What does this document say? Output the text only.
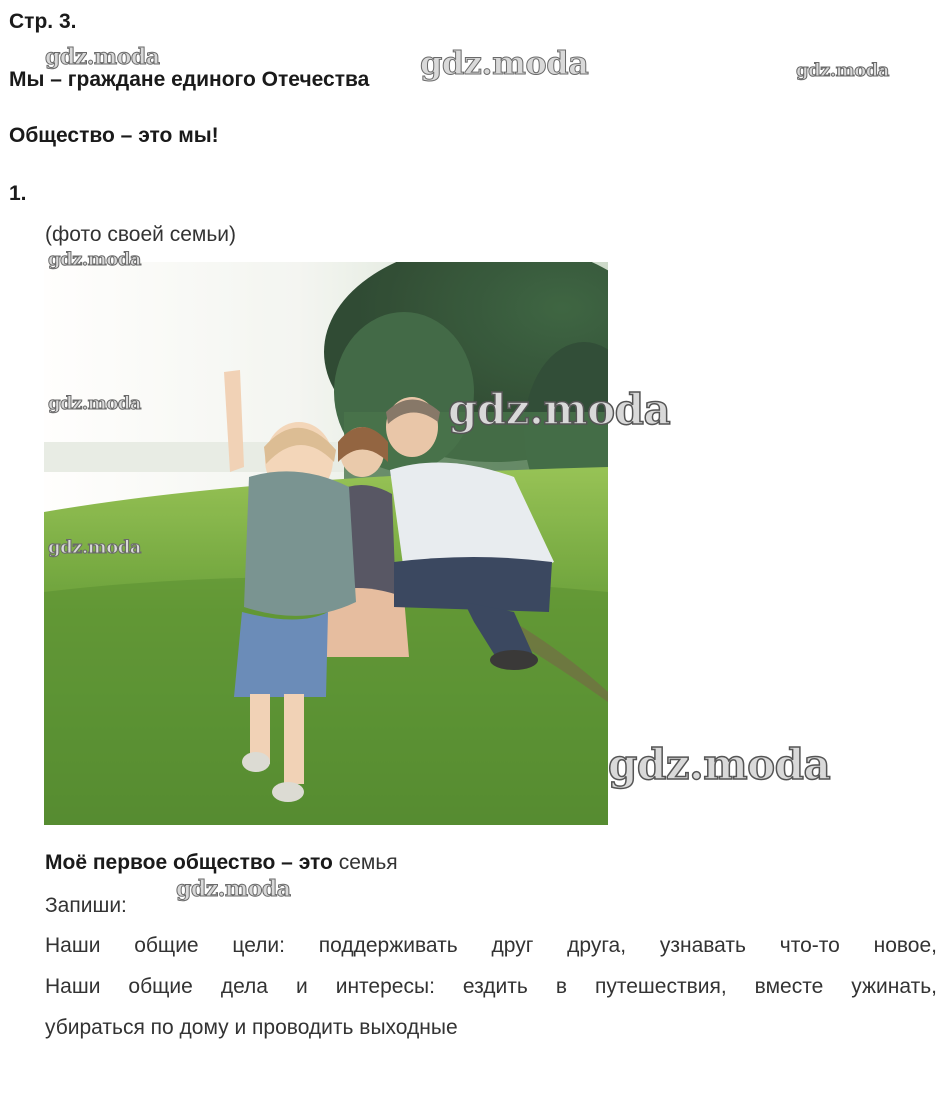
Стр. 3.
Мы – граждане единого Отечества
Общество – это мы!
1.
(фото своей семьи)
Моё первое общество – это семья
Запиши:
Наши общие цели: поддерживать друг друга, узнавать что-то новое,
Наши общие дела и интересы: ездить в путешествия, вместе ужинать,
убираться по дому и проводить выходные
gdz.moda	gdz.moda	gdz.moda
gdz.moda
gdz.moda	gdz.moda
gdz.moda
gdz.moda
gdz.moda
